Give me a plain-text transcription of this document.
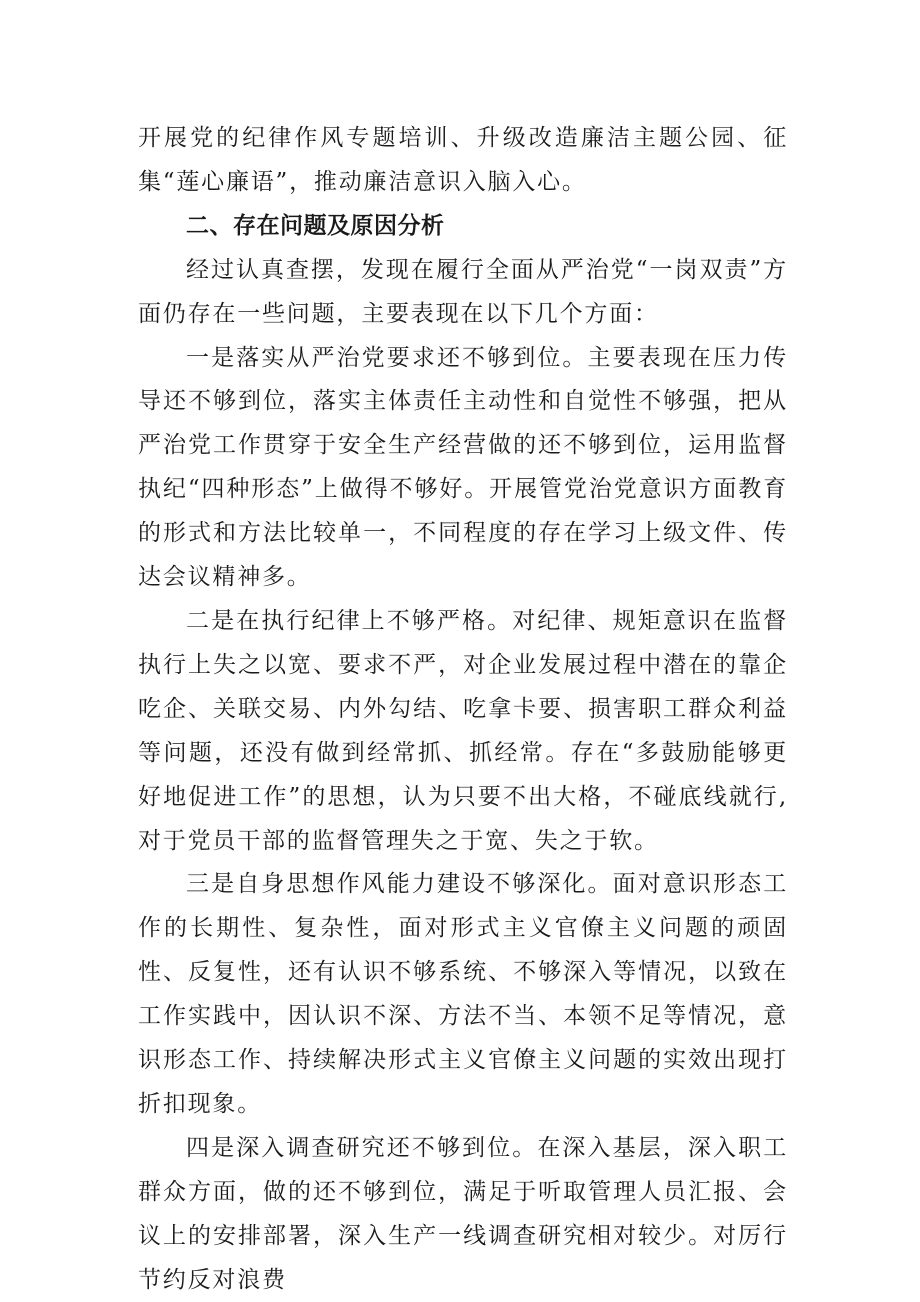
开展党的纪律作风专题培训、升级改造廉洁主题公园、征集“莲心廉语”，推动廉洁意识入脑入心。

二、存在问题及原因分析

经过认真查摆，发现在履行全面从严治党“一岗双责”方面仍存在一些问题，主要表现在以下几个方面：

一是落实从严治党要求还不够到位。主要表现在压力传导还不够到位，落实主体责任主动性和自觉性不够强，把从严治党工作贯穿于安全生产经营做的还不够到位，运用监督执纪“四种形态”上做得不够好。开展管党治党意识方面教育的形式和方法比较单一，不同程度的存在学习上级文件、传达会议精神多。

二是在执行纪律上不够严格。对纪律、规矩意识在监督执行上失之以宽、要求不严，对企业发展过程中潜在的靠企吃企、关联交易、内外勾结、吃拿卡要、损害职工群众利益等问题，还没有做到经常抓、抓经常。存在“多鼓励能够更好地促进工作”的思想，认为只要不出大格，不碰底线就行,对于党员干部的监督管理失之于宽、失之于软。

三是自身思想作风能力建设不够深化。面对意识形态工作的长期性、复杂性，面对形式主义官僚主义问题的顽固性、反复性，还有认识不够系统、不够深入等情况，以致在工作实践中，因认识不深、方法不当、本领不足等情况，意识形态工作、持续解决形式主义官僚主义问题的实效出现打折扣现象。

四是深入调查研究还不够到位。在深入基层，深入职工群众方面，做的还不够到位，满足于听取管理人员汇报、会议上的安排部署，深入生产一线调查研究相对较少。对厉行节约反对浪费
